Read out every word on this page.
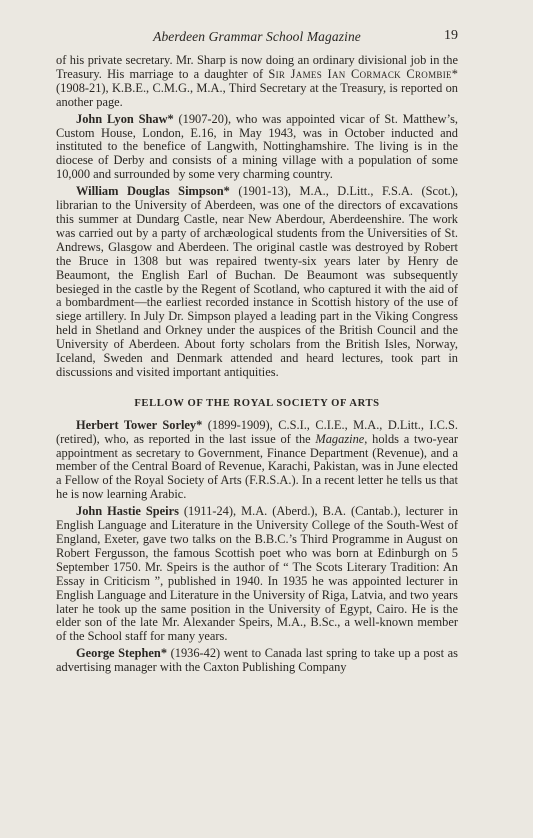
Aberdeen Grammar School Magazine	19

of his private secretary. Mr. Sharp is now doing an ordinary divisional job in the Treasury. His marriage to a daughter of Sir James Ian Cormack Crombie* (1908-21), K.B.E., C.M.G., M.A., Third Secretary at the Treasury, is reported on another page.

John Lyon Shaw* (1907-20), who was appointed vicar of St. Matthew’s, Custom House, London, E.16, in May 1943, was in October inducted and instituted to the benefice of Langwith, Nottinghamshire. The living is in the diocese of Derby and consists of a mining village with a population of some 10,000 and surrounded by some very charming country.

William Douglas Simpson* (1901-13), M.A., D.Litt., F.S.A. (Scot.), librarian to the University of Aberdeen, was one of the directors of excavations this summer at Dundarg Castle, near New Aberdour, Aberdeenshire. The work was carried out by a party of archæological students from the Universities of St. Andrews, Glasgow and Aberdeen. The original castle was destroyed by Robert the Bruce in 1308 but was repaired twenty-six years later by Henry de Beaumont, the English Earl of Buchan. De Beaumont was subsequently besieged in the castle by the Regent of Scotland, who captured it with the aid of a bombardment—the earliest recorded instance in Scottish history of the use of siege artillery. In July Dr. Simpson played a leading part in the Viking Congress held in Shetland and Orkney under the auspices of the British Council and the University of Aberdeen. About forty scholars from the British Isles, Norway, Iceland, Sweden and Denmark attended and heard lectures, took part in discussions and visited important antiquities.

FELLOW OF THE ROYAL SOCIETY OF ARTS

Herbert Tower Sorley* (1899-1909), C.S.I., C.I.E., M.A., D.Litt., I.C.S. (retired), who, as reported in the last issue of the Magazine, holds a two-year appointment as secretary to Government, Finance Department (Revenue), and a member of the Central Board of Revenue, Karachi, Pakistan, was in June elected a Fellow of the Royal Society of Arts (F.R.S.A.). In a recent letter he tells us that he is now learning Arabic.

John Hastie Speirs (1911-24), M.A. (Aberd.), B.A. (Cantab.), lecturer in English Language and Literature in the University College of the South-West of England, Exeter, gave two talks on the B.B.C.’s Third Programme in August on Robert Fergusson, the famous Scottish poet who was born at Edinburgh on 5 September 1750. Mr. Speirs is the author of “ The Scots Literary Tradition: An Essay in Criticism ”, published in 1940. In 1935 he was appointed lecturer in English Language and Literature in the University of Riga, Latvia, and two years later he took up the same position in the University of Egypt, Cairo. He is the elder son of the late Mr. Alexander Speirs, M.A., B.Sc., a well-known member of the School staff for many years.

George Stephen* (1936-42) went to Canada last spring to take up a post as advertising manager with the Caxton Publishing Company
